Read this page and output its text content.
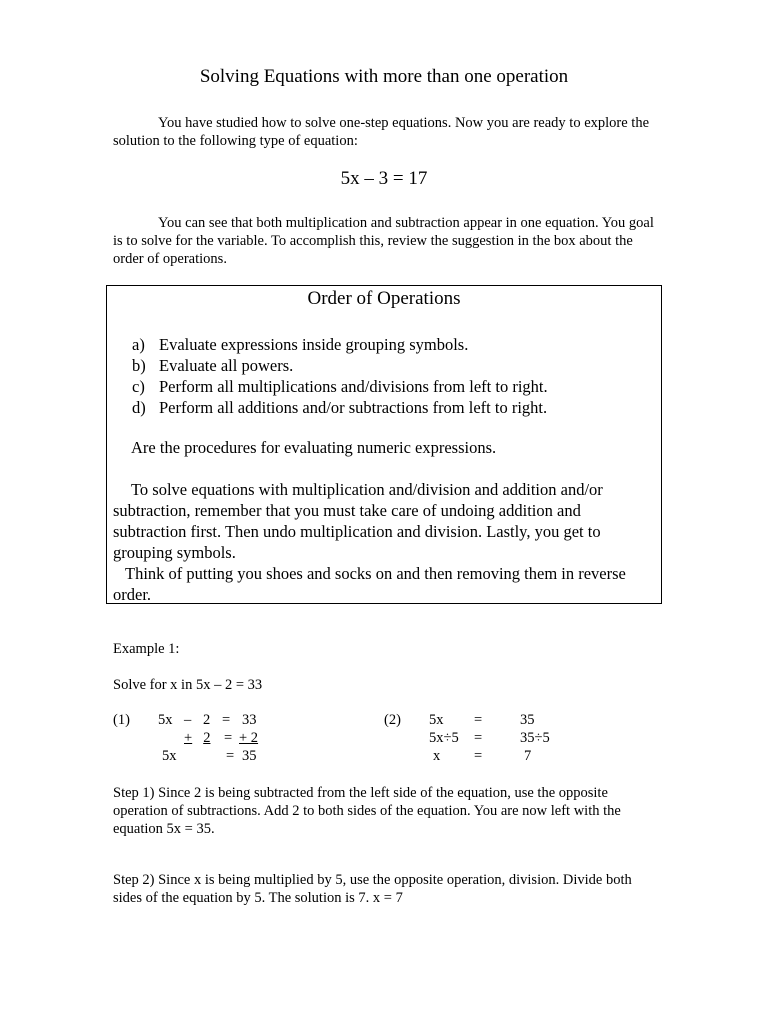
Solving Equations with more than one operation
You have studied how to solve one-step equations. Now you are ready to explore the solution to the following type of equation:
5x – 3 = 17
You can see that both multiplication and subtraction appear in one equation. You goal is to solve for the variable. To accomplish this, review the suggestion in the box about the order of operations.
Order of Operations
a) Evaluate expressions inside grouping symbols.
b) Evaluate all powers.
c) Perform all multiplications and/divisions from left to right.
d) Perform all additions and/or subtractions from left to right.
Are the procedures for evaluating numeric expressions.
To solve equations with multiplication and/division and addition and/or subtraction, remember that you must take care of undoing addition and subtraction first. Then undo multiplication and division. Lastly, you get to grouping symbols.
Think of putting you shoes and socks on and then removing them in reverse order.
Example 1:
Solve for x in 5x – 2 = 33
(1) 5x – 2 = 33
+ 2 = + 2
5x	= 35
(2) 5x =	35
5x÷5 =	35÷5
x =	7
Step 1) Since 2 is being subtracted from the left side of the equation, use the opposite operation of subtractions. Add 2 to both sides of the equation. You are now left with the equation 5x = 35.
Step 2) Since x is being multiplied by 5, use the opposite operation, division. Divide both sides of the equation by 5. The solution is 7. x = 7
